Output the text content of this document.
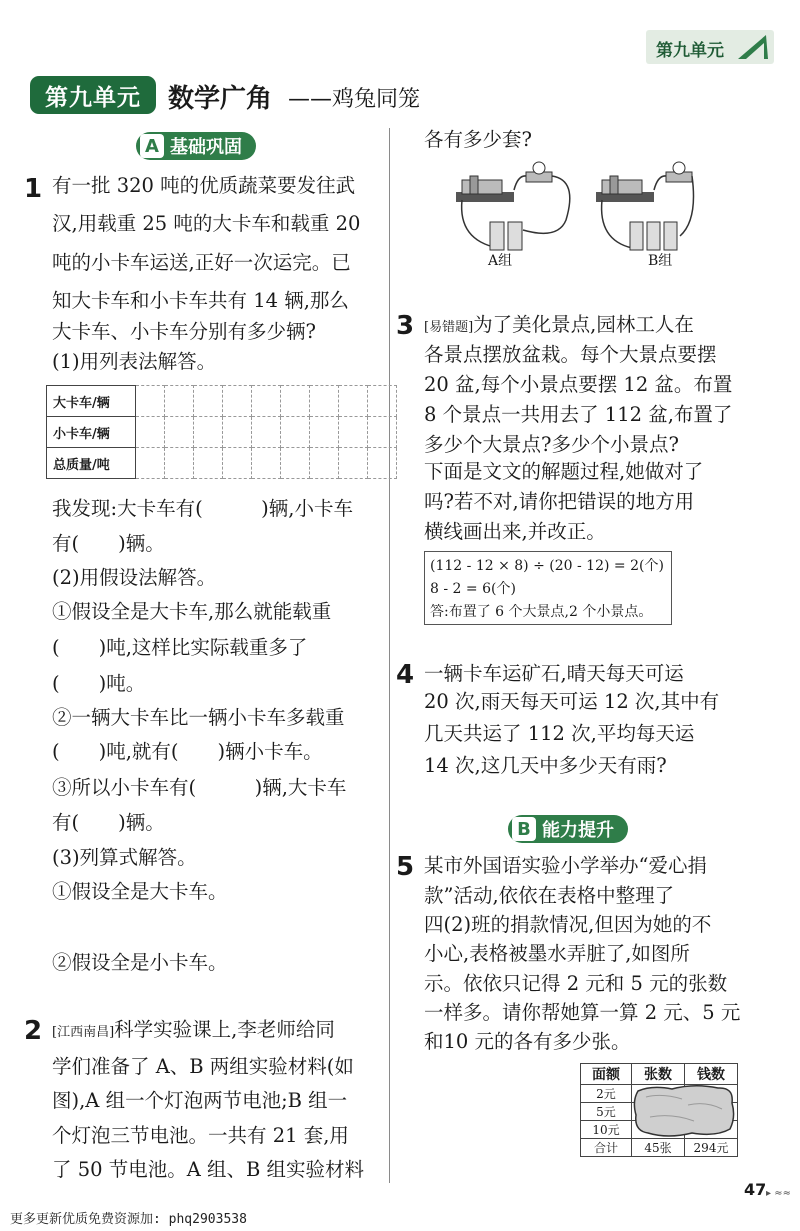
第九单元
第九单元	数学广角 ——鸡兔同笼
A 基础巩固
1 有一批 320 吨的优质蔬菜要发往武
汉,用载重 25 吨的大卡车和载重 20
吨的小卡车运送,正好一次运完。已
知大卡车和小卡车共有 14 辆,那么
大卡车、小卡车分别有多少辆?
(1)用列表法解答。
大卡车/辆									
小卡车/辆									
总质量/吨									
我发现:大卡车有(　　　)辆,小卡车
有(　　)辆。
(2)用假设法解答。
①假设全是大卡车,那么就能载重
(　　)吨,这样比实际载重多了
(　　)吨。
②一辆大卡车比一辆小卡车多载重
(　　)吨,就有(　　)辆小卡车。
③所以小卡车有(　　　)辆,大卡车
有(　　)辆。
(3)列算式解答。
①假设全是大卡车。
②假设全是小卡车。
2 [江西南昌]科学实验课上,李老师给同
学们准备了 A、B 两组实验材料(如
图),A 组一个灯泡两节电池;B 组一
个灯泡三节电池。一共有 21 套,用
了 50 节电池。A 组、B 组实验材料
各有多少套?
A组	B组
3 [易错题]为了美化景点,园林工人在
各景点摆放盆栽。每个大景点要摆
20 盆,每个小景点要摆 12 盆。布置
8 个景点一共用去了 112 盆,布置了
多少个大景点?多少个小景点?
下面是文文的解题过程,她做对了
吗?若不对,请你把错误的地方用
横线画出来,并改正。
(112 - 12 × 8) ÷ (20 - 12) = 2(个)
8 - 2 = 6(个)
答:布置了 6 个大景点,2 个小景点。
4 一辆卡车运矿石,晴天每天可运
20 次,雨天每天可运 12 次,其中有
几天共运了 112 次,平均每天运
14 次,这几天中多少天有雨?
B 能力提升
5 某市外国语实验小学举办“爱心捐
款”活动,依依在表格中整理了
四(2)班的捐款情况,但因为她的不
小心,表格被墨水弄脏了,如图所
示。依依只记得 2 元和 5 元的张数
一样多。请你帮她算一算 2 元、5 元
和10 元的各有多少张。
面额	张数	钱数
2元		
5元		
10元		
合计	45张	294元
47 ▸ ≈≈
更多更新优质免费资源加: phq2903538
